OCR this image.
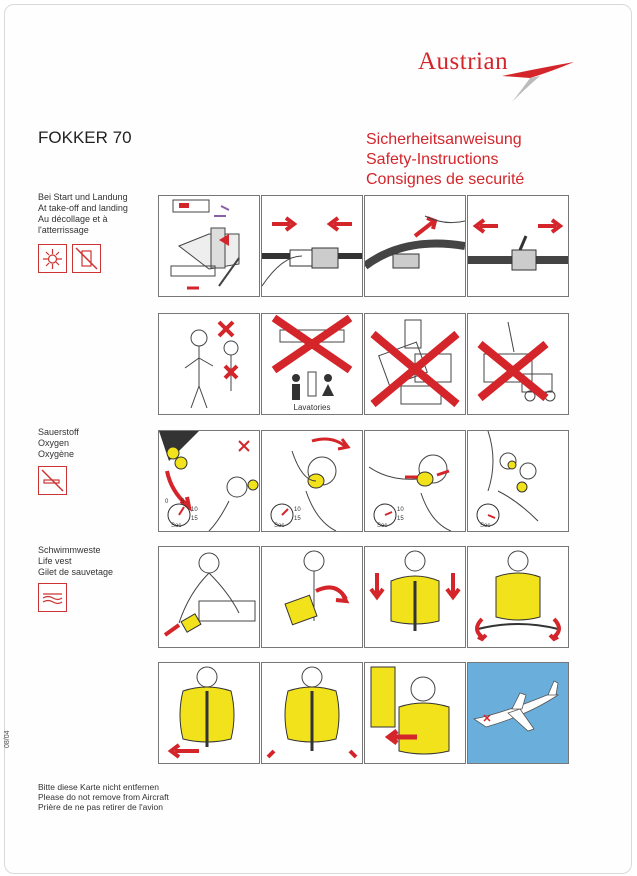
Austrian
FOKKER 70	Sicherheitsanweisung
Safety-Instructions
Consignes de securité
Bei Start und Landung
At take-off and landing
Au décollage et à
l'atterrissage
Sauerstoff
Oxygen
Oxygène
Schwimmweste
Life vest
Gilet de sauvetage
Lavatories
0 5
10
15
Sec
10
15
Sec
10
15
Sec	Sec
08/04
Bitte diese Karte nicht entfernen
Please do not remove from Aircraft
Prière de ne pas retirer de l'avion
